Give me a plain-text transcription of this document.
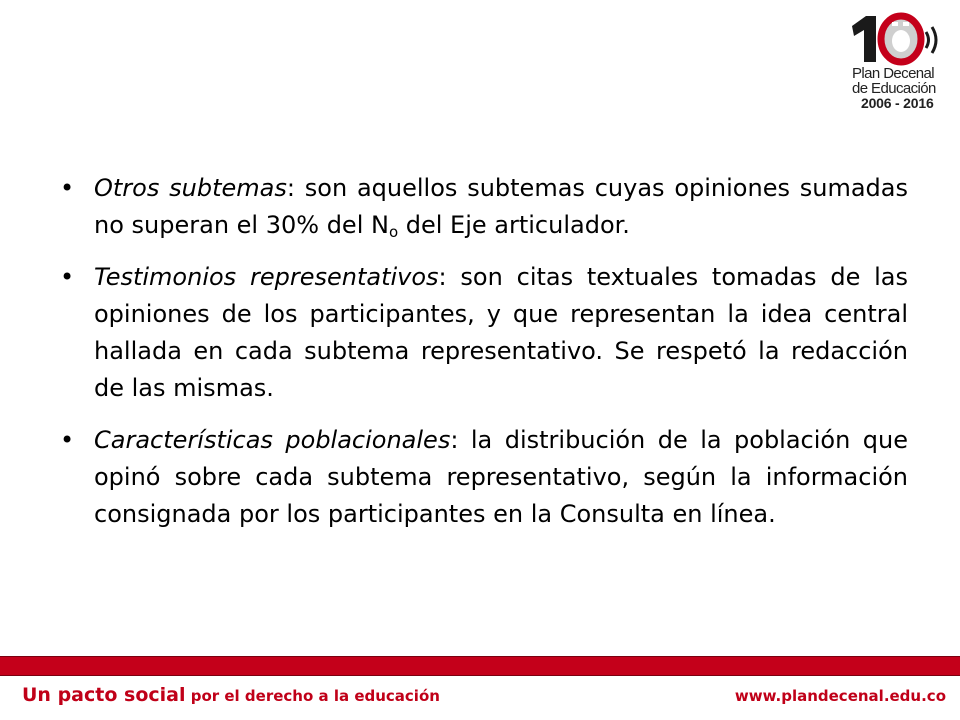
Plan Decenal
de Educación
2006 - 2016
• Otros subtemas: son aquellos subtemas cuyas opiniones sumadas no superan el 30% del $N_o$ del Eje articulador.
• Testimonios representativos: son citas textuales tomadas de las opiniones de los participantes, y que representan la idea central hallada en cada subtema representativo. Se respetó la redacción de las mismas.
• Características poblacionales: la distribución de la población que opinó sobre cada subtema representativo, según la información consignada por los participantes en la Consulta en línea.
Un pacto social por el derecho a la educación	www.plandecenal.edu.co
